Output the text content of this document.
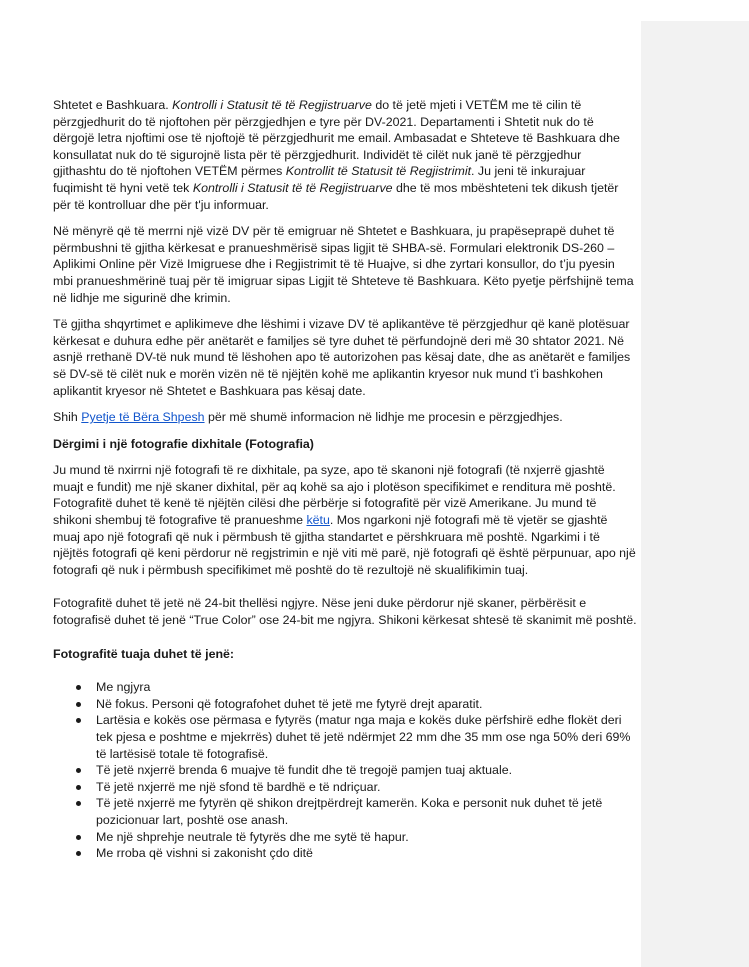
Shtetet e Bashkuara. Kontrolli i Statusit të të Regjistruarve do të jetë mjeti i VETËM me të cilin të përzgjedhurit do të njoftohen për përzgjedhjen e tyre për DV-2021. Departamenti i Shtetit nuk do të dërgojë letra njoftimi ose të njoftojë të përzgjedhurit me email. Ambasadat e Shteteve të Bashkuara dhe konsullatat nuk do të sigurojnë lista për të përzgjedhurit. Individët të cilët nuk janë të përzgjedhur gjithashtu do të njoftohen VETËM përmes Kontrollit të Statusit të Regjistrimit. Ju jeni të inkurajuar fuqimisht të hyni vetë tek Kontrolli i Statusit të të Regjistruarve dhe të mos mbështeteni tek dikush tjetër për të kontrolluar dhe për t'ju informuar.

Në mënyrë që të merrni një vizë DV për të emigruar në Shtetet e Bashkuara, ju prapëseprapë duhet të përmbushni të gjitha kërkesat e pranueshmërisë sipas ligjit të SHBA-së. Formulari elektronik DS-260 – Aplikimi Online për Vizë Imigruese dhe i Regjistrimit të të Huajve, si dhe zyrtari konsullor, do t’ju pyesin mbi pranueshmërinë tuaj për të imigruar sipas Ligjit të Shteteve të Bashkuara. Këto pyetje përfshijnë tema në lidhje me sigurinë dhe krimin.

Të gjitha shqyrtimet e aplikimeve dhe lëshimi i vizave DV të aplikantëve të përzgjedhur që kanë plotësuar kërkesat e duhura edhe për anëtarët e familjes së tyre duhet të përfundojnë deri më 30 shtator 2021. Në asnjë rrethanë DV-të nuk mund të lëshohen apo të autorizohen pas kësaj date, dhe as anëtarët e familjes së DV-së të cilët nuk e morën vizën në të njëjtën kohë me aplikantin kryesor nuk mund t'i bashkohen aplikantit kryesor në Shtetet e Bashkuara pas kësaj date.

Shih Pyetje të Bëra Shpesh për më shumë informacion në lidhje me procesin e përzgjedhjes.

Dërgimi i një fotografie dixhitale (Fotografia)

Ju mund të nxirrni një fotografi të re dixhitale, pa syze, apo të skanoni një fotografi (të nxjerrë gjashtë muajt e fundit) me një skaner dixhital, për aq kohë sa ajo i plotëson specifikimet e renditura më poshtë. Fotografitë duhet të kenë të njëjtën cilësi dhe përbërje si fotografitë për vizë Amerikane. Ju mund të shikoni shembuj të fotografive të pranueshme këtu. Mos ngarkoni një fotografi më të vjetër se gjashtë muaj apo një fotografi që nuk i përmbush të gjitha standartet e përshkruara më poshtë. Ngarkimi i të njëjtës fotografi që keni përdorur në regjstrimin e një viti më parë, një fotografi që është përpunuar, apo një fotografi që nuk i përmbush specifikimet më poshtë do të rezultojë në skualifikimin tuaj.

Fotografitë duhet të jetë në 24-bit thellësi ngjyre. Nëse jeni duke përdorur një skaner, përbërësit e fotografisë duhet të jenë “True Color” ose 24-bit me ngjyra. Shikoni kërkesat shtesë të skanimit më poshtë.

Fotografitë tuaja duhet të jenë:

Me ngjyra
Në fokus. Personi që fotografohet duhet të jetë me fytyrë drejt aparatit.
Lartësia e kokës ose përmasa e fytyrës (matur nga maja e kokës duke përfshirë edhe flokët deri tek pjesa e poshtme e mjekrrës) duhet të jetë ndërmjet 22 mm dhe 35 mm ose nga 50% deri 69% të lartësisë totale të fotografisë.
Të jetë nxjerrë brenda 6 muajve të fundit dhe të tregojë pamjen tuaj aktuale.
Të jetë nxjerrë me një sfond të bardhë e të ndriçuar.
Të jetë nxjerrë me fytyrën që shikon drejtpërdrejt kamerën. Koka e personit nuk duhet të jetë pozicionuar lart, poshtë ose anash.
Me një shprehje neutrale të fytyrës dhe me sytë të hapur.
Me rroba që vishni si zakonisht çdo ditë
